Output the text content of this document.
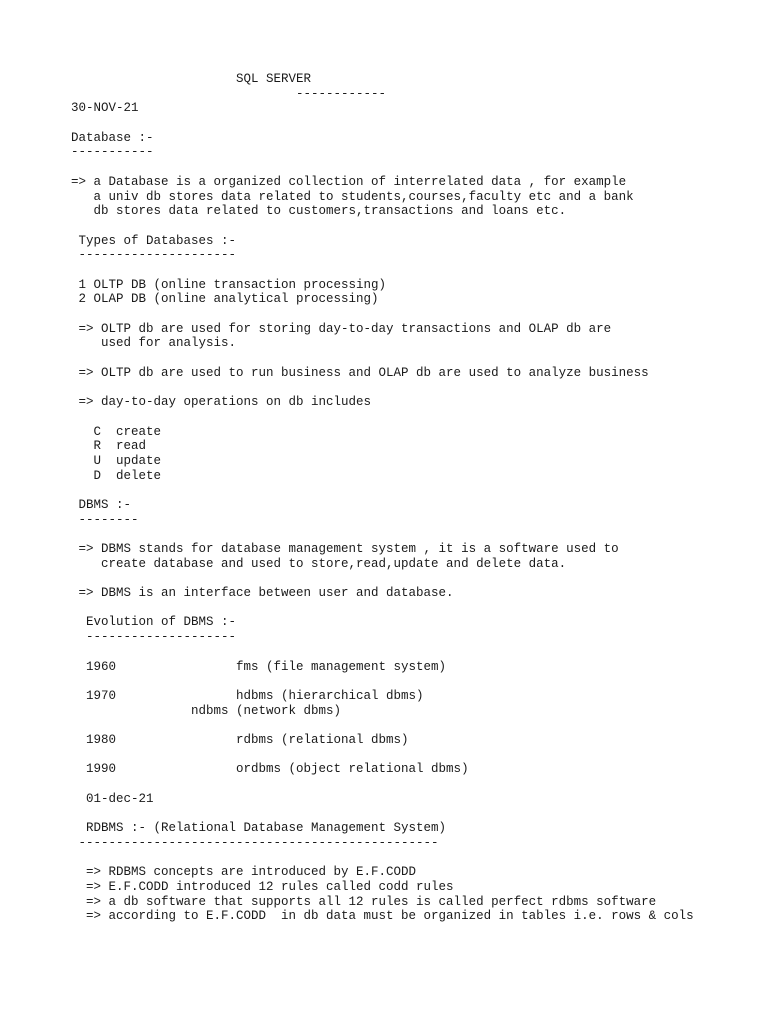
SQL SERVER
------------
30-NOV-21
Database :-
-----------
=> a Database is a organized collection of interrelated data , for example
a univ db stores data related to students,courses,faculty etc and a bank
db stores data related to customers,transactions and loans etc.
Types of Databases :-
---------------------
1 OLTP DB (online transaction processing)
2 OLAP DB (online analytical processing)
=> OLTP db are used for storing day-to-day transactions and OLAP db are
used for analysis.
=> OLTP db are used to run business and OLAP db are used to analyze business
=> day-to-day operations on db includes
C  create
R  read
U  update
D  delete
DBMS :-
--------
=> DBMS stands for database management system , it is a software used to
create database and used to store,read,update and delete data.
=> DBMS is an interface between user and database.
Evolution of DBMS :-
--------------------
1960                fms (file management system)
1970                hdbms (hierarchical dbms)
ndbms (network dbms)
1980                rdbms (relational dbms)
1990                ordbms (object relational dbms)
01-dec-21
RDBMS :- (Relational Database Management System)
------------------------------------------------
=> RDBMS concepts are introduced by E.F.CODD
=> E.F.CODD introduced 12 rules called codd rules
=> a db software that supports all 12 rules is called perfect rdbms software
=> according to E.F.CODD  in db data must be organized in tables i.e. rows & cols
